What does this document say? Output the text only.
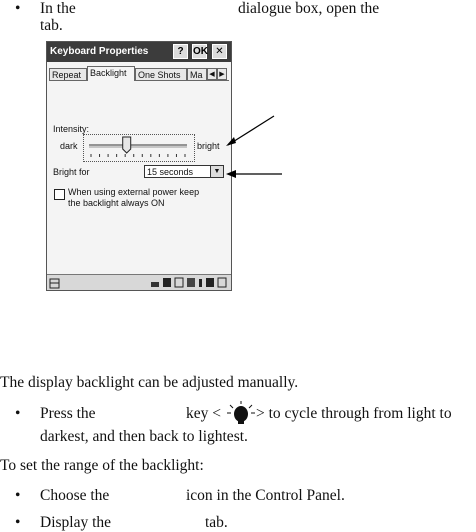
• In the	dialogue box, open the
tab.
Keyboard Properties	? OK ✕
Repeat Backlight	One Shots	Ma ◀ ▶
Intensity:
dark	bright
Bright for	15 seconds	▼
When using external power keep
the backlight always ON
The display backlight can be adjusted manually.
• Press the	key < > to cycle through from light to
darkest, and then back to lightest.
To set the range of the backlight:
• Choose the	icon in the Control Panel.
• Display the	tab.
